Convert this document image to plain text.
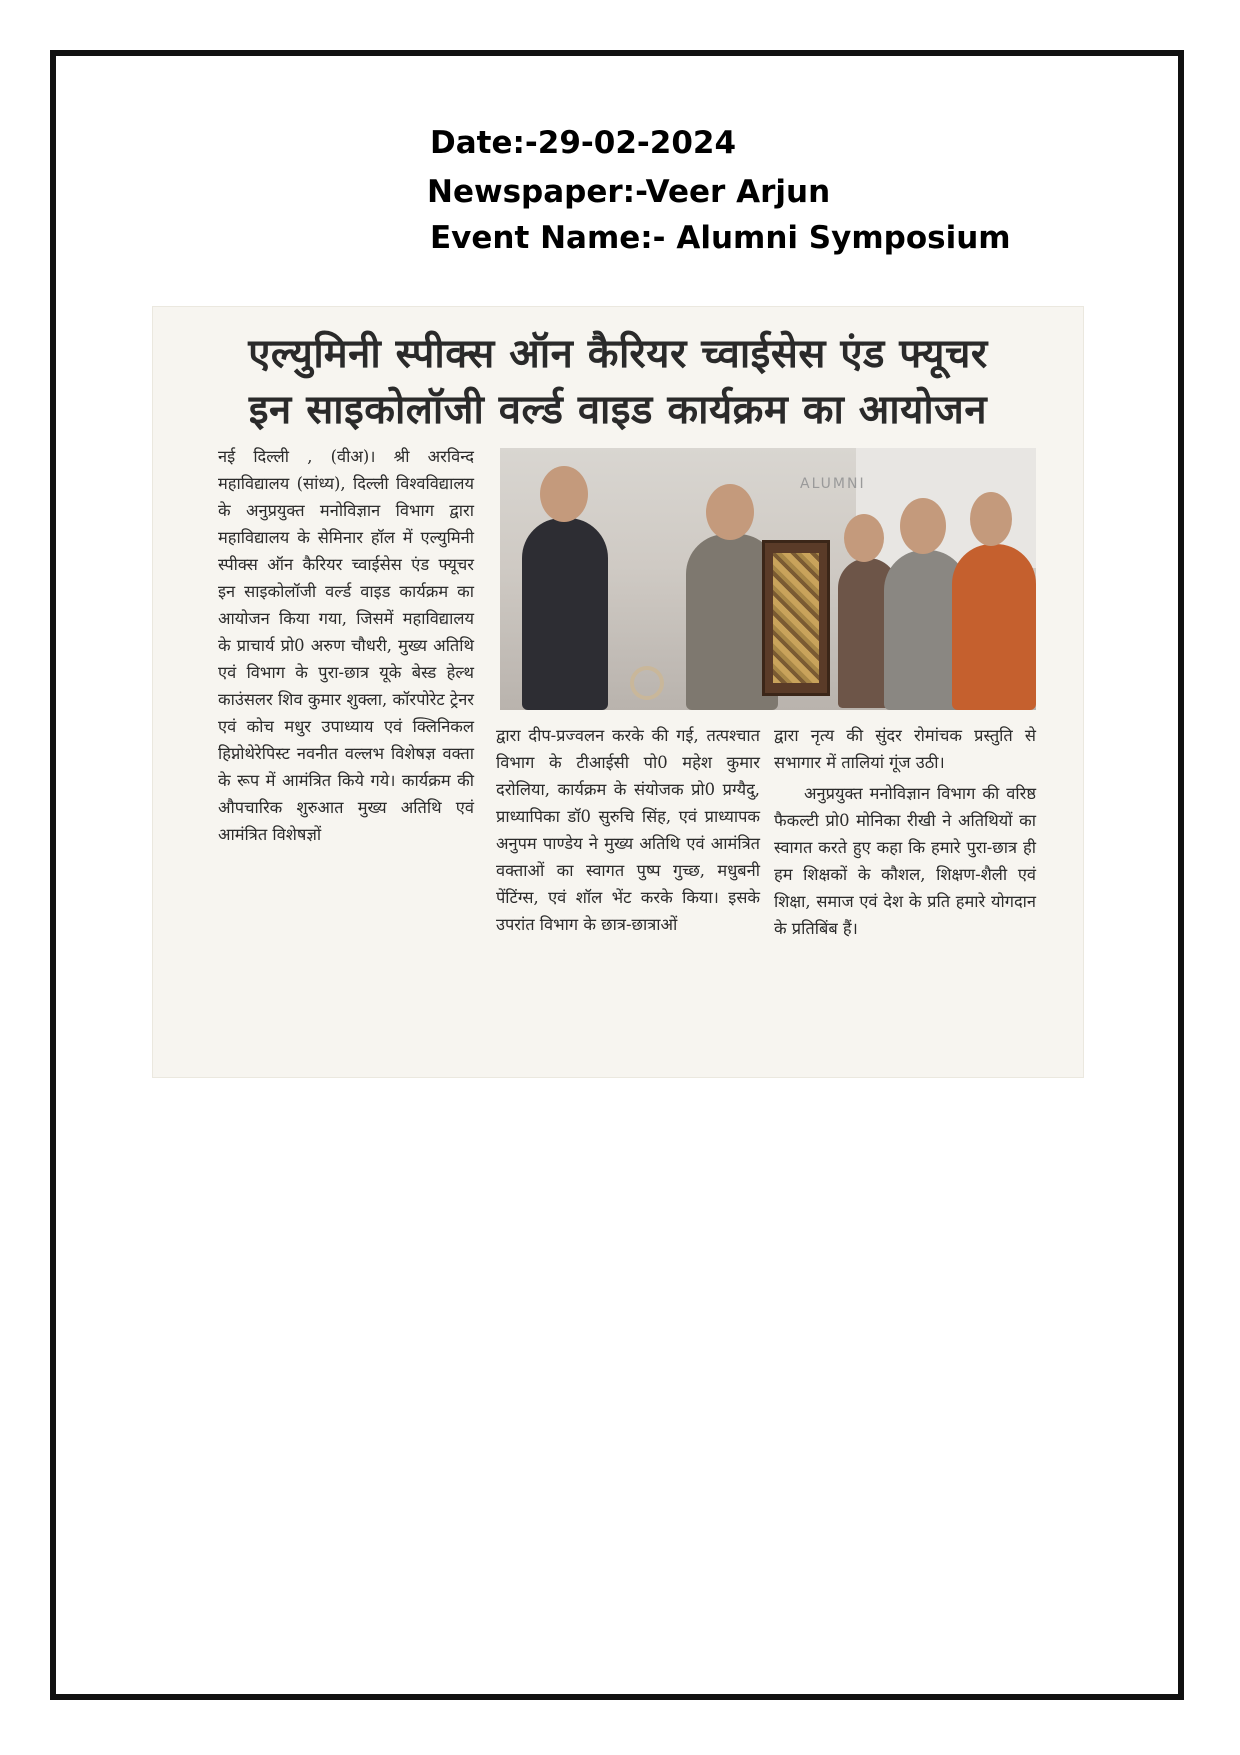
Date:-29-02-2024
Newspaper:-Veer Arjun
Event Name:- Alumni Symposium
एल्युमिनी स्पीक्स ऑन कैरियर च्वाईसेस एंड फ्यूचर
इन साइकोलॉजी वर्ल्ड वाइड कार्यक्रम का आयोजन
नई दिल्ली , (वीअ)। श्री अरविन्द महाविद्यालय (सांध्य), दिल्ली विश्वविद्यालय के अनुप्रयुक्त मनोविज्ञान विभाग द्वारा महाविद्यालय के सेमिनार हॉल में एल्युमिनी स्पीक्स ऑन कैरियर च्वाईसेस एंड फ्यूचर इन साइकोलॉजी वर्ल्ड वाइड कार्यक्रम का आयोजन किया गया, जिसमें महाविद्यालय के प्राचार्य प्रो0 अरुण चौधरी, मुख्य अतिथि एवं विभाग के पुरा-छात्र यूके बेस्ड हेल्थ काउंसलर शिव कुमार शुक्ला, कॉरपोरेट ट्रेनर एवं कोच मधुर उपाध्याय एवं क्लिनिकल हिप्नोथेरेपिस्ट नवनीत वल्लभ विशेषज्ञ वक्ता के रूप में आमंत्रित किये गये। कार्यक्रम की औपचारिक शुरुआत मुख्य अतिथि एवं आमंत्रित विशेषज्ञों
ALUMNI
द्वारा दीप-प्रज्वलन करके की गई, तत्पश्चात विभाग के टीआईसी पो0 महेश कुमार दरोलिया, कार्यक्रम के संयोजक प्रो0 प्रग्यैदु, प्राध्यापिका डॉ0 सुरुचि सिंह, एवं प्राध्यापक अनुपम पाण्डेय ने मुख्य अतिथि एवं आमंत्रित वक्ताओं का स्वागत पुष्प गुच्छ, मधुबनी पेंटिंग्स, एवं शॉल भेंट करके किया। इसके उपरांत विभाग के छात्र-छात्राओं
द्वारा नृत्य की सुंदर रोमांचक प्रस्तुति से सभागार में तालियां गूंज उठी।
अनुप्रयुक्त मनोविज्ञान विभाग की वरिष्ठ फैकल्टी प्रो0 मोनिका रीखी ने अतिथियों का स्वागत करते हुए कहा कि हमारे पुरा-छात्र ही हम शिक्षकों के कौशल, शिक्षण-शैली एवं शिक्षा, समाज एवं देश के प्रति हमारे योगदान के प्रतिबिंब हैं।
